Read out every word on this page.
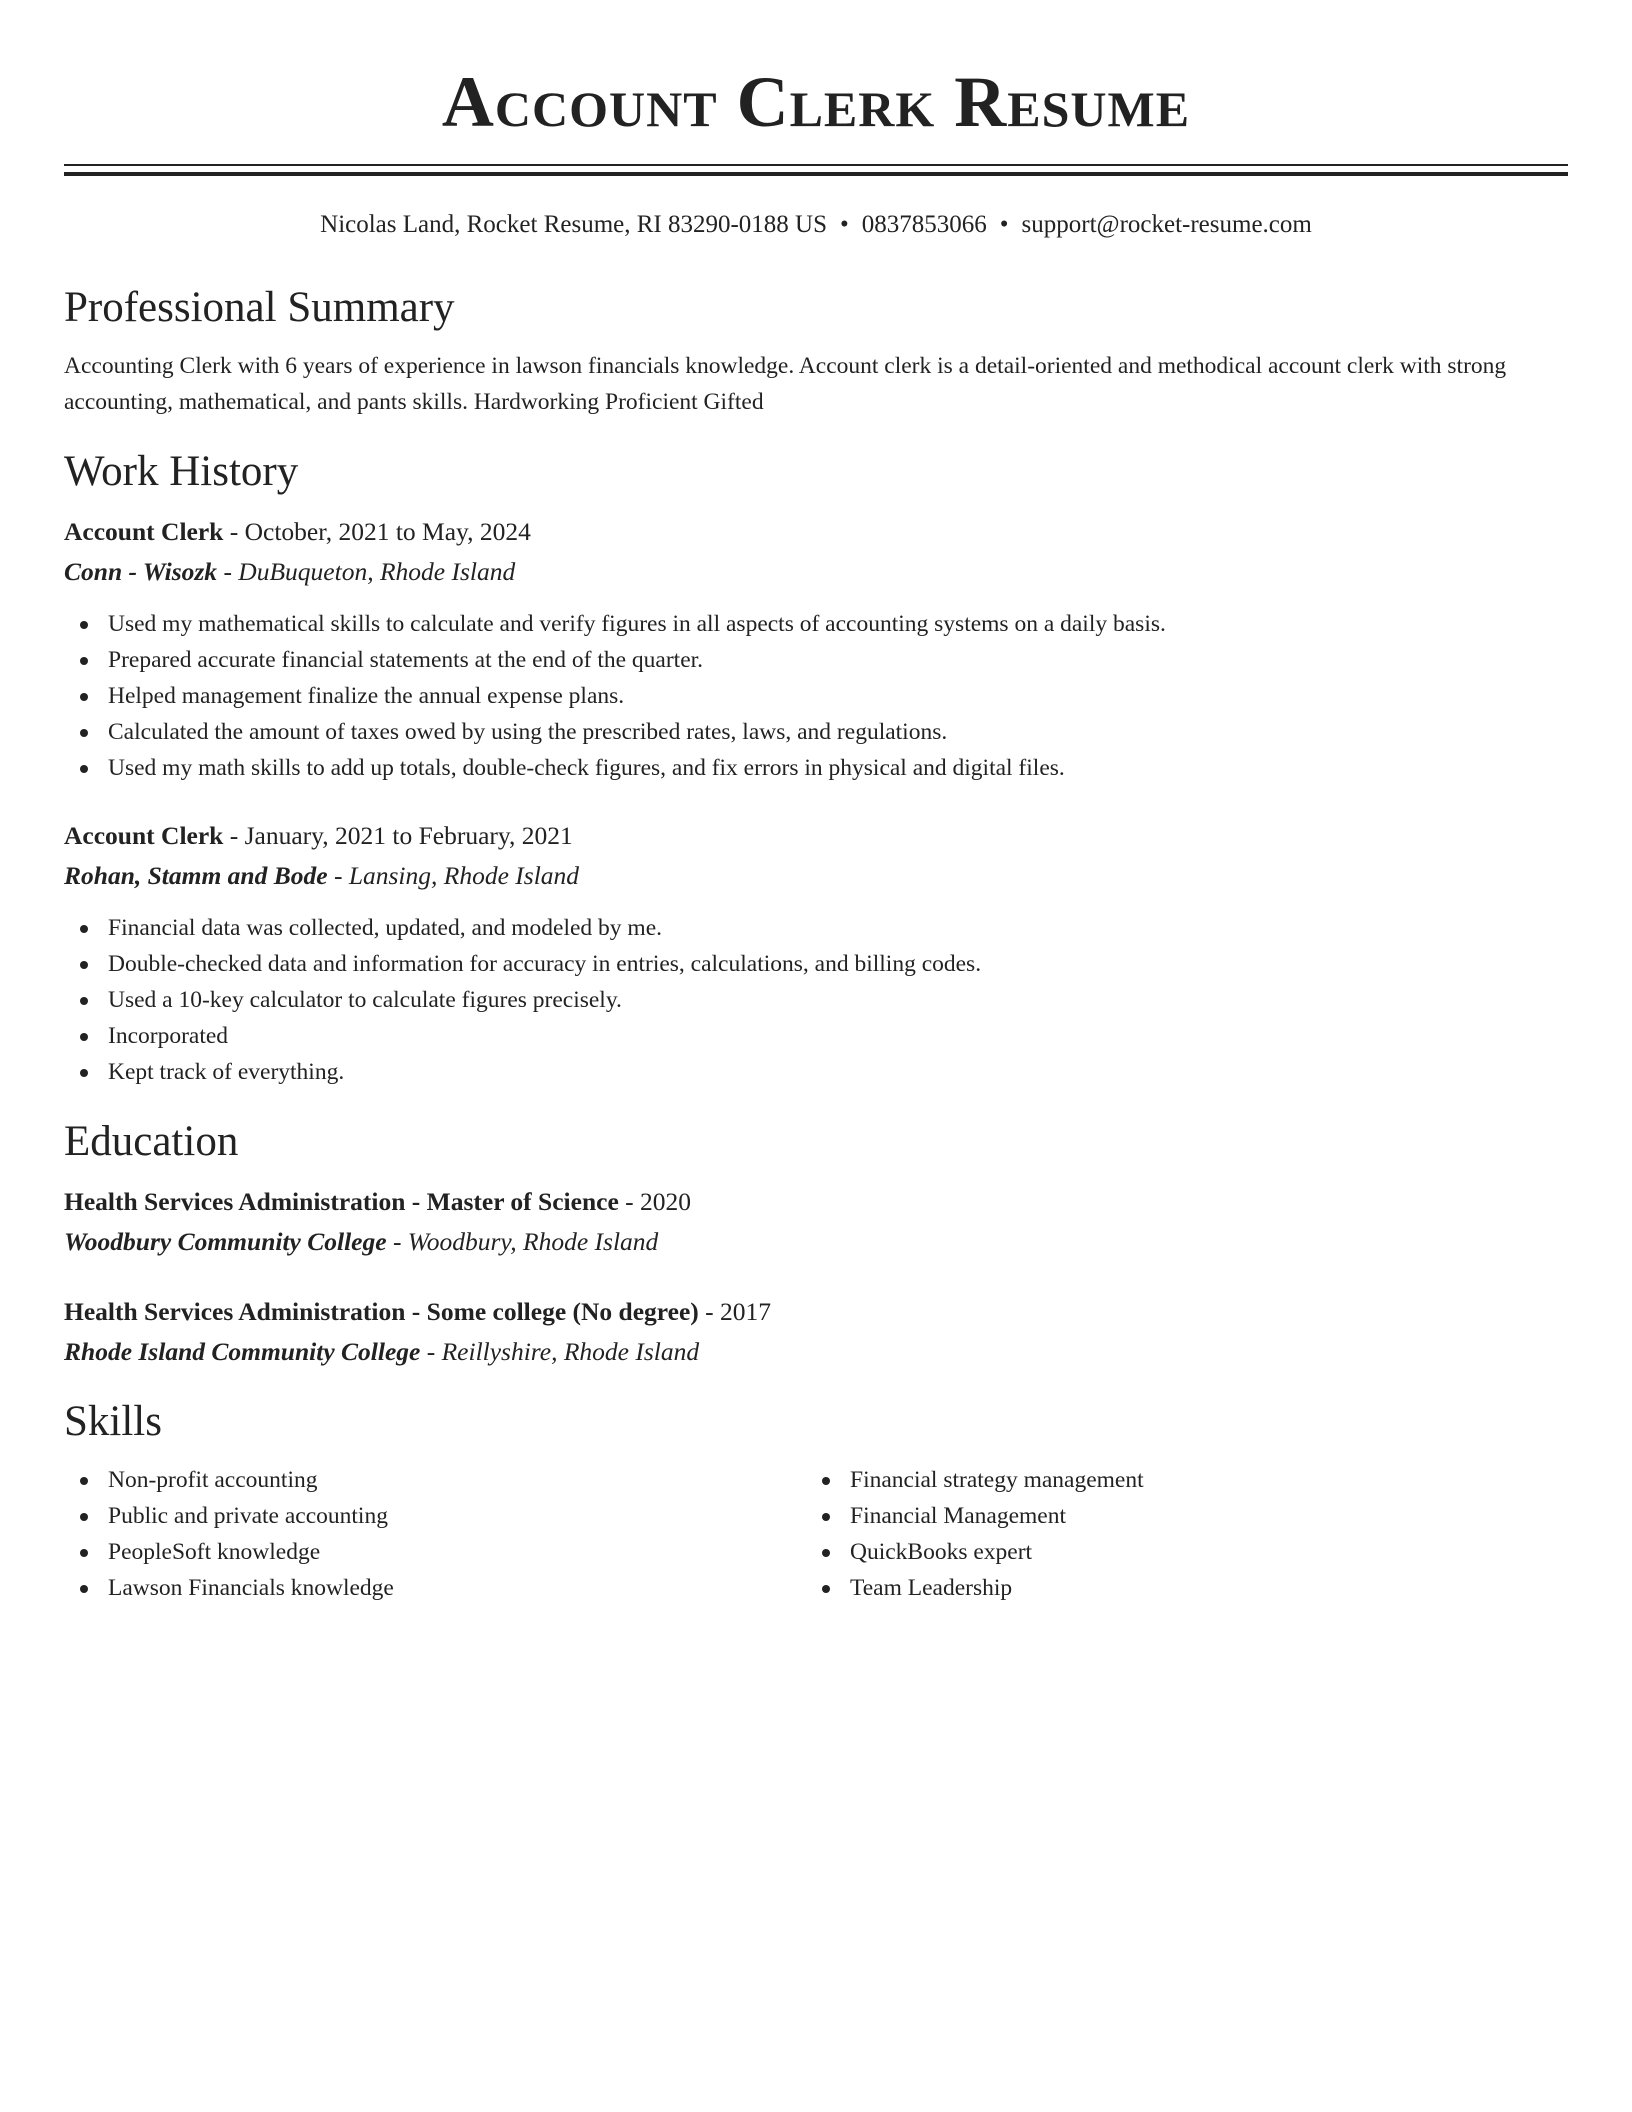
Account Clerk Resume
Nicolas Land, Rocket Resume, RI 83290-0188 US • 0837853066 • support@rocket-resume.com
Professional Summary
Accounting Clerk with 6 years of experience in lawson financials knowledge. Account clerk is a detail-oriented and methodical account clerk with strong accounting, mathematical, and pants skills. Hardworking Proficient Gifted
Work History
Account Clerk - October, 2021 to May, 2024
Conn - Wisozk - DuBuqueton, Rhode Island
Used my mathematical skills to calculate and verify figures in all aspects of accounting systems on a daily basis.
Prepared accurate financial statements at the end of the quarter.
Helped management finalize the annual expense plans.
Calculated the amount of taxes owed by using the prescribed rates, laws, and regulations.
Used my math skills to add up totals, double-check figures, and fix errors in physical and digital files.
Account Clerk - January, 2021 to February, 2021
Rohan, Stamm and Bode - Lansing, Rhode Island
Financial data was collected, updated, and modeled by me.
Double-checked data and information for accuracy in entries, calculations, and billing codes.
Used a 10-key calculator to calculate figures precisely.
Incorporated
Kept track of everything.
Education
Health Services Administration - Master of Science - 2020
Woodbury Community College - Woodbury, Rhode Island
Health Services Administration - Some college (No degree) - 2017
Rhode Island Community College - Reillyshire, Rhode Island
Skills
Non-profit accounting
Public and private accounting
PeopleSoft knowledge
Lawson Financials knowledge
Financial strategy management
Financial Management
QuickBooks expert
Team Leadership
